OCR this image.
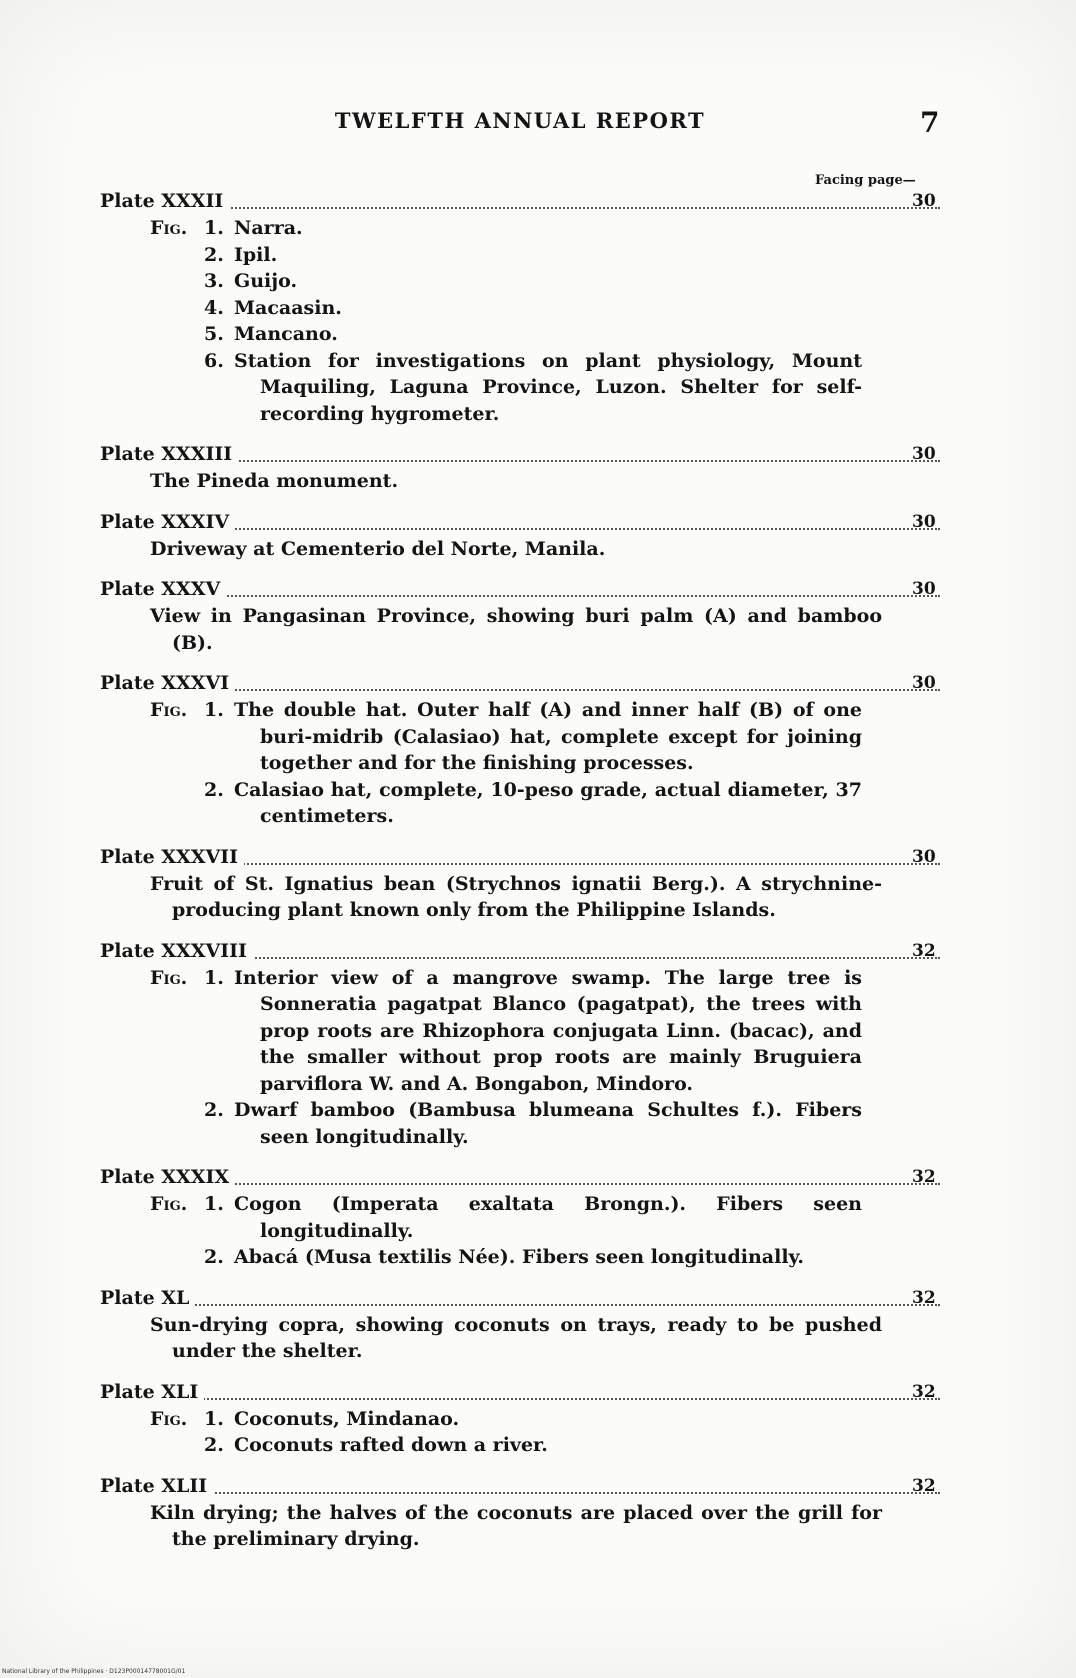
TWELFTH ANNUAL REPORT	7
Facing page—
Plate XXXII	30
Fig. 1. Narra.
2. Ipil.
3. Guijo.
4. Macaasin.
5. Mancano.
6. Station for investigations on plant physiology, Mount Maquiling, Laguna Province, Luzon. Shelter for self-recording hygrometer.
Plate XXXIII	30
The Pineda monument.
Plate XXXIV	30
Driveway at Cementerio del Norte, Manila.
Plate XXXV	30
View in Pangasinan Province, showing buri palm (A) and bamboo (B).
Plate XXXVI	30
Fig. 1. The double hat. Outer half (A) and inner half (B) of one buri-midrib (Calasiao) hat, complete except for joining together and for the finishing processes.
2. Calasiao hat, complete, 10-peso grade, actual diameter, 37 centimeters.
Plate XXXVII	30
Fruit of St. Ignatius bean (Strychnos ignatii Berg.). A strychnine-producing plant known only from the Philippine Islands.
Plate XXXVIII	32
Fig. 1. Interior view of a mangrove swamp. The large tree is Sonneratia pagatpat Blanco (pagatpat), the trees with prop roots are Rhizophora conjugata Linn. (bacac), and the smaller without prop roots are mainly Bruguiera parviflora W. and A. Bongabon, Mindoro.
2. Dwarf bamboo (Bambusa blumeana Schultes f.). Fibers seen longitudinally.
Plate XXXIX	32
Fig. 1. Cogon (Imperata exaltata Brongn.). Fibers seen longitudinally.
2. Abacá (Musa textilis Née). Fibers seen longitudinally.
Plate XL	32
Sun-drying copra, showing coconuts on trays, ready to be pushed under the shelter.
Plate XLI	32
Fig. 1. Coconuts, Mindanao.
2. Coconuts rafted down a river.
Plate XLII	32
Kiln drying; the halves of the coconuts are placed over the grill for the preliminary drying.
National Library of the Philippines · D123P00014778001G/01
